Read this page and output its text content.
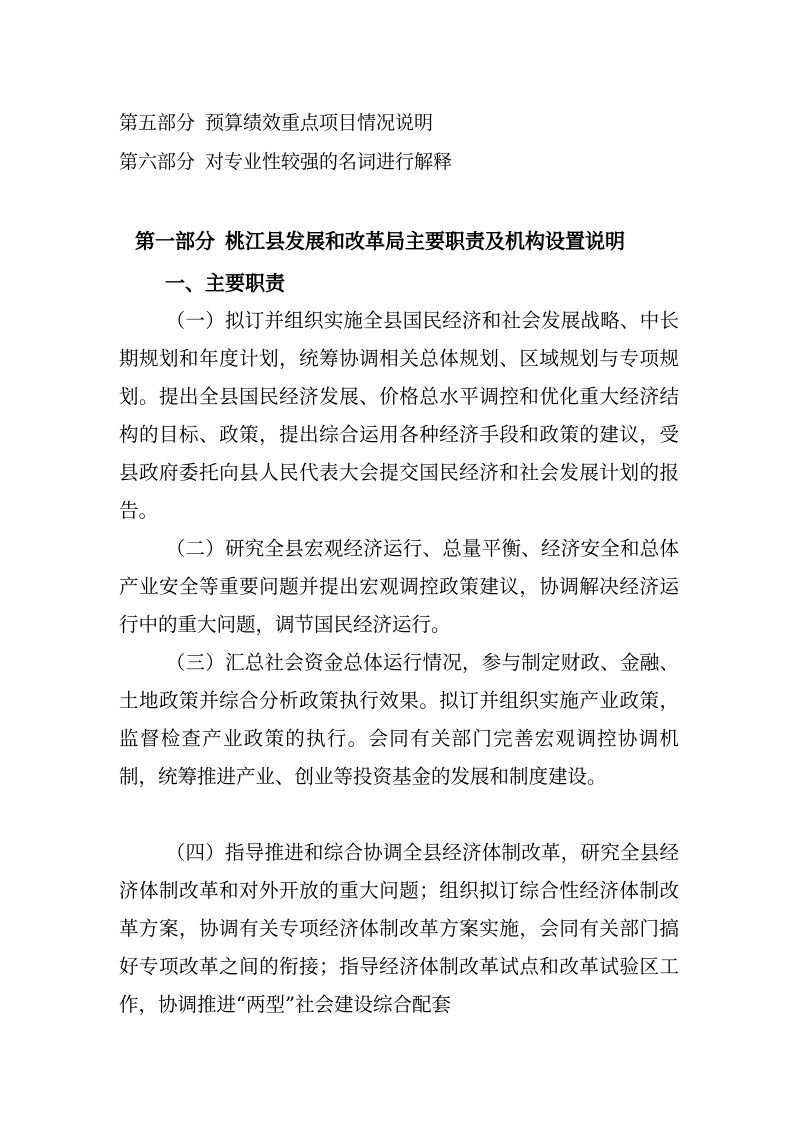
第五部分 预算绩效重点项目情况说明
第六部分 对专业性较强的名词进行解释
第一部分 桃江县发展和改革局主要职责及机构设置说明
一、主要职责

（一）拟订并组织实施全县国民经济和社会发展战略、中长期规划和年度计划，统筹协调相关总体规划、区域规划与专项规划。提出全县国民经济发展、价格总水平调控和优化重大经济结构的目标、政策，提出综合运用各种经济手段和政策的建议，受县政府委托向县人民代表大会提交国民经济和社会发展计划的报告。

（二）研究全县宏观经济运行、总量平衡、经济安全和总体产业安全等重要问题并提出宏观调控政策建议，协调解决经济运行中的重大问题，调节国民经济运行。

（三）汇总社会资金总体运行情况，参与制定财政、金融、土地政策并综合分析政策执行效果。拟订并组织实施产业政策，监督检查产业政策的执行。会同有关部门完善宏观调控协调机制，统筹推进产业、创业等投资基金的发展和制度建设。

（四）指导推进和综合协调全县经济体制改革，研究全县经济体制改革和对外开放的重大问题；组织拟订综合性经济体制改革方案，协调有关专项经济体制改革方案实施，会同有关部门搞好专项改革之间的衔接；指导经济体制改革试点和改革试验区工作，协调推进“两型”社会建设综合配套
